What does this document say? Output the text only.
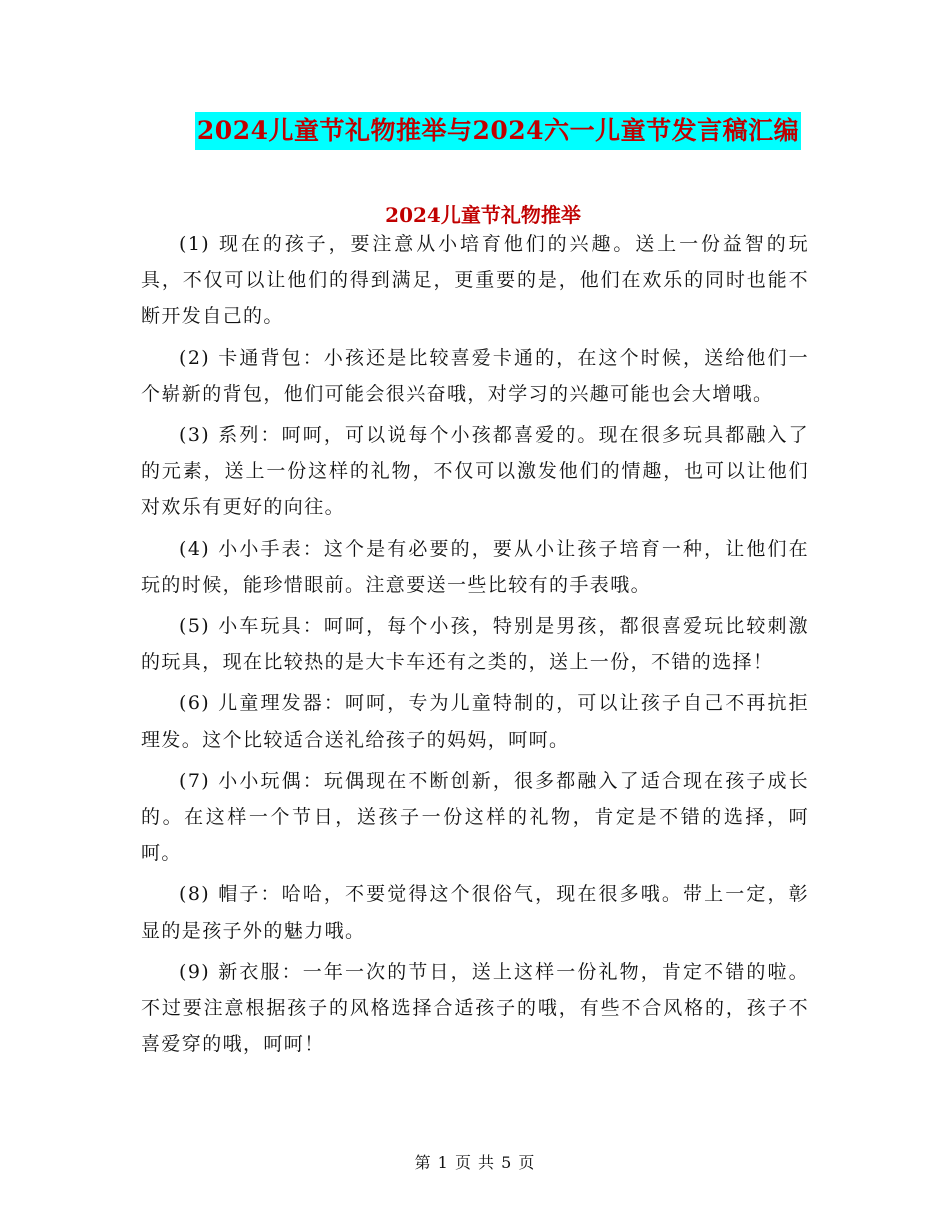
2024儿童节礼物推举与2024六一儿童节发言稿汇编
2024儿童节礼物推举

(1) 现在的孩子，要注意从小培育他们的兴趣。送上一份益智的玩具，不仅可以让他们的得到满足，更重要的是，他们在欢乐的同时也能不断开发自己的。

(2) 卡通背包：小孩还是比较喜爱卡通的，在这个时候，送给他们一个崭新的背包，他们可能会很兴奋哦，对学习的兴趣可能也会大增哦。

(3) 系列：呵呵，可以说每个小孩都喜爱的。现在很多玩具都融入了的元素，送上一份这样的礼物，不仅可以激发他们的情趣，也可以让他们对欢乐有更好的向往。

(4) 小小手表：这个是有必要的，要从小让孩子培育一种，让他们在玩的时候，能珍惜眼前。注意要送一些比较有的手表哦。

(5) 小车玩具：呵呵，每个小孩，特别是男孩，都很喜爱玩比较刺激的玩具，现在比较热的是大卡车还有之类的，送上一份，不错的选择！

(6) 儿童理发器：呵呵，专为儿童特制的，可以让孩子自己不再抗拒理发。这个比较适合送礼给孩子的妈妈，呵呵。

(7) 小小玩偶：玩偶现在不断创新，很多都融入了适合现在孩子成长的。在这样一个节日，送孩子一份这样的礼物，肯定是不错的选择，呵呵。

(8) 帽子：哈哈，不要觉得这个很俗气，现在很多哦。带上一定，彰显的是孩子外的魅力哦。

(9) 新衣服：一年一次的节日，送上这样一份礼物，肯定不错的啦。不过要注意根据孩子的风格选择合适孩子的哦，有些不合风格的，孩子不喜爱穿的哦，呵呵！

第 1 页 共 5 页
